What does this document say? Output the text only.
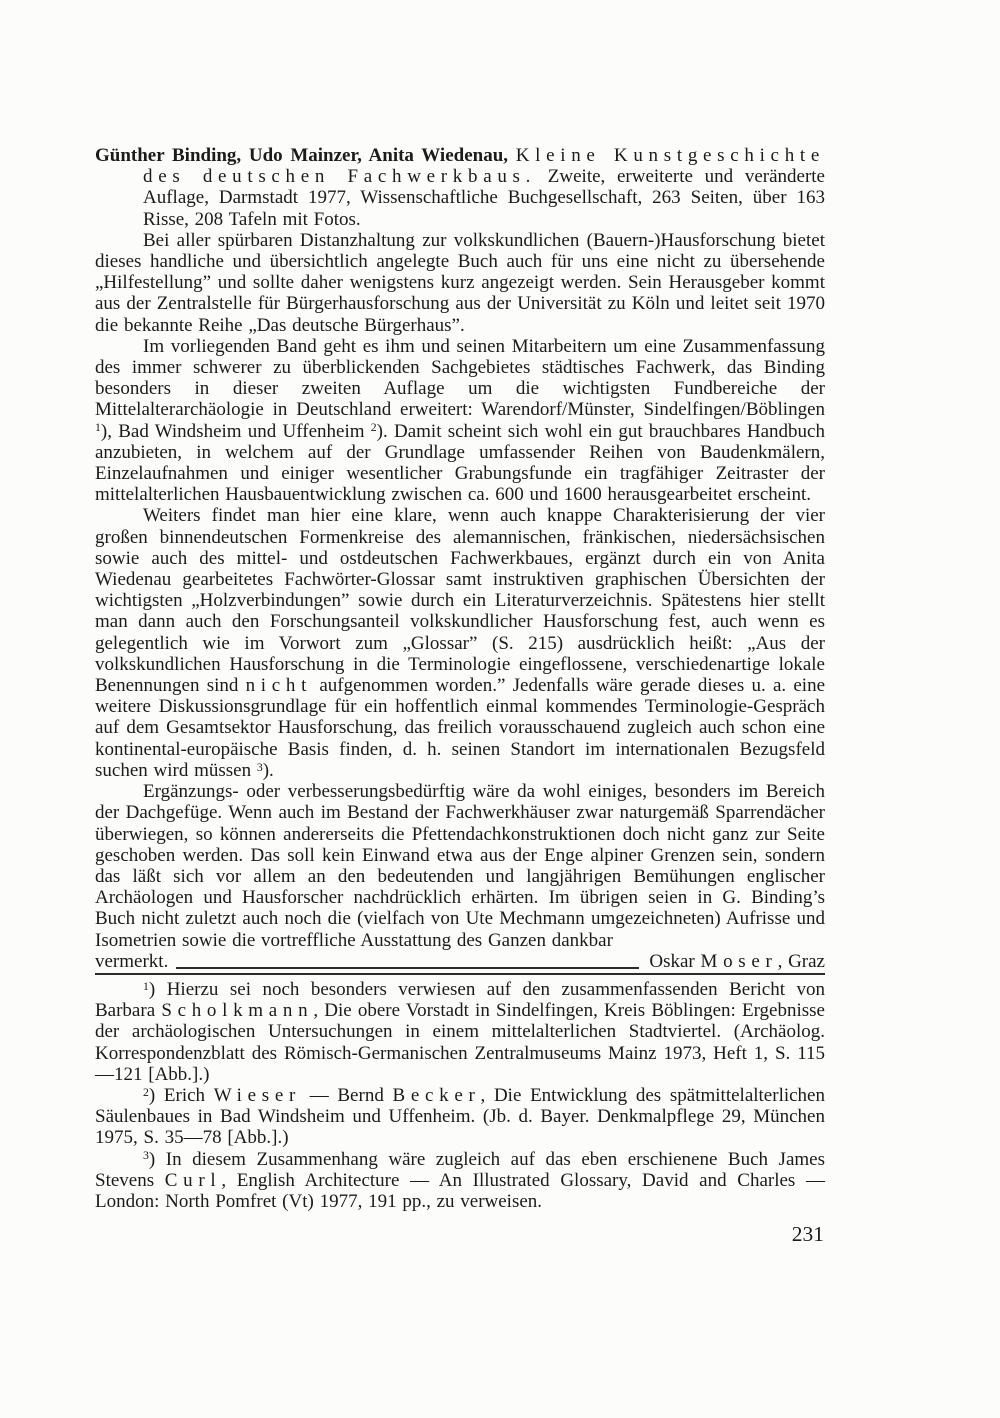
Günther Binding, Udo Mainzer, Anita Wiedenau, Kleine Kunstgeschichte des deutschen Fachwerkbaus. Zweite, erweiterte und veränderte Auflage, Darmstadt 1977, Wissenschaftliche Buchgesellschaft, 263 Seiten, über 163 Risse, 208 Tafeln mit Fotos.

Bei aller spürbaren Distanzhaltung zur volkskundlichen (Bauern-)Hausforschung bietet dieses handliche und übersichtlich angelegte Buch auch für uns eine nicht zu übersehende „Hilfestellung” und sollte daher wenigstens kurz angezeigt werden. Sein Herausgeber kommt aus der Zentralstelle für Bürgerhausforschung aus der Universität zu Köln und leitet seit 1970 die bekannte Reihe „Das deutsche Bürgerhaus”.

Im vorliegenden Band geht es ihm und seinen Mitarbeitern um eine Zusammenfassung des immer schwerer zu überblickenden Sachgebietes städtisches Fachwerk, das Binding besonders in dieser zweiten Auflage um die wichtigsten Fundbereiche der Mittelalterarchäologie in Deutschland erweitert: Warendorf/Münster, Sindelfingen/Böblingen $^1$), Bad Windsheim und Uffenheim $^2$). Damit scheint sich wohl ein gut brauchbares Handbuch anzubieten, in welchem auf der Grundlage umfassender Reihen von Baudenkmälern, Einzelaufnahmen und einiger wesentlicher Grabungsfunde ein tragfähiger Zeitraster der mittelalterlichen Hausbauentwicklung zwischen ca. 600 und 1600 herausgearbeitet erscheint.

Weiters findet man hier eine klare, wenn auch knappe Charakterisierung der vier großen binnendeutschen Formenkreise des alemannischen, fränkischen, niedersächsischen sowie auch des mittel- und ostdeutschen Fachwerkbaues, ergänzt durch ein von Anita Wiedenau gearbeitetes Fachwörter-Glossar samt instruktiven graphischen Übersichten der wichtigsten „Holzverbindungen” sowie durch ein Literaturverzeichnis. Spätestens hier stellt man dann auch den Forschungsanteil volkskundlicher Hausforschung fest, auch wenn es gelegentlich wie im Vorwort zum „Glossar” (S. 215) ausdrücklich heißt: „Aus der volkskundlichen Hausforschung in die Terminologie eingeflossene, verschiedenartige lokale Benennungen sind nicht aufgenommen worden.” Jedenfalls wäre gerade dieses u. a. eine weitere Diskussionsgrundlage für ein hoffentlich einmal kommendes Terminologie-Gespräch auf dem Gesamtsektor Hausforschung, das freilich vorausschauend zugleich auch schon eine kontinental-europäische Basis finden, d. h. seinen Standort im internationalen Bezugsfeld suchen wird müssen $^3$).

Ergänzungs- oder verbesserungsbedürftig wäre da wohl einiges, besonders im Bereich der Dachgefüge. Wenn auch im Bestand der Fachwerkhäuser zwar naturgemäß Sparrendächer überwiegen, so können andererseits die Pfettendachkonstruktionen doch nicht ganz zur Seite geschoben werden. Das soll kein Einwand etwa aus der Enge alpiner Grenzen sein, sondern das läßt sich vor allem an den bedeutenden und langjährigen Bemühungen englischer Archäologen und Hausforscher nachdrücklich erhärten. Im übrigen seien in G. Binding’s Buch nicht zuletzt auch noch die (vielfach von Ute Mechmann umgezeichneten) Aufrisse und Isometrien sowie die vortreffliche Ausstattung des Ganzen dankbar

vermerkt.	Oskar Moser, Graz

$^1$) Hierzu sei noch besonders verwiesen auf den zusammenfassenden Bericht von Barbara Scholkmann, Die obere Vorstadt in Sindelfingen, Kreis Böblingen: Ergebnisse der archäologischen Untersuchungen in einem mittelalterlichen Stadtviertel. (Archäolog. Korrespondenzblatt des Römisch-Germanischen Zentralmuseums Mainz 1973, Heft 1, S. 115—121 [Abb.].)

$^2$) Erich Wieser — Bernd Becker, Die Entwicklung des spätmittelalterlichen Säulenbaues in Bad Windsheim und Uffenheim. (Jb. d. Bayer. Denkmalpflege 29, München 1975, S. 35—78 [Abb.].)

$^3$) In diesem Zusammenhang wäre zugleich auf das eben erschienene Buch James Stevens Curl, English Architecture — An Illustrated Glossary, David and Charles — London: North Pomfret (Vt) 1977, 191 pp., zu verweisen.

231
